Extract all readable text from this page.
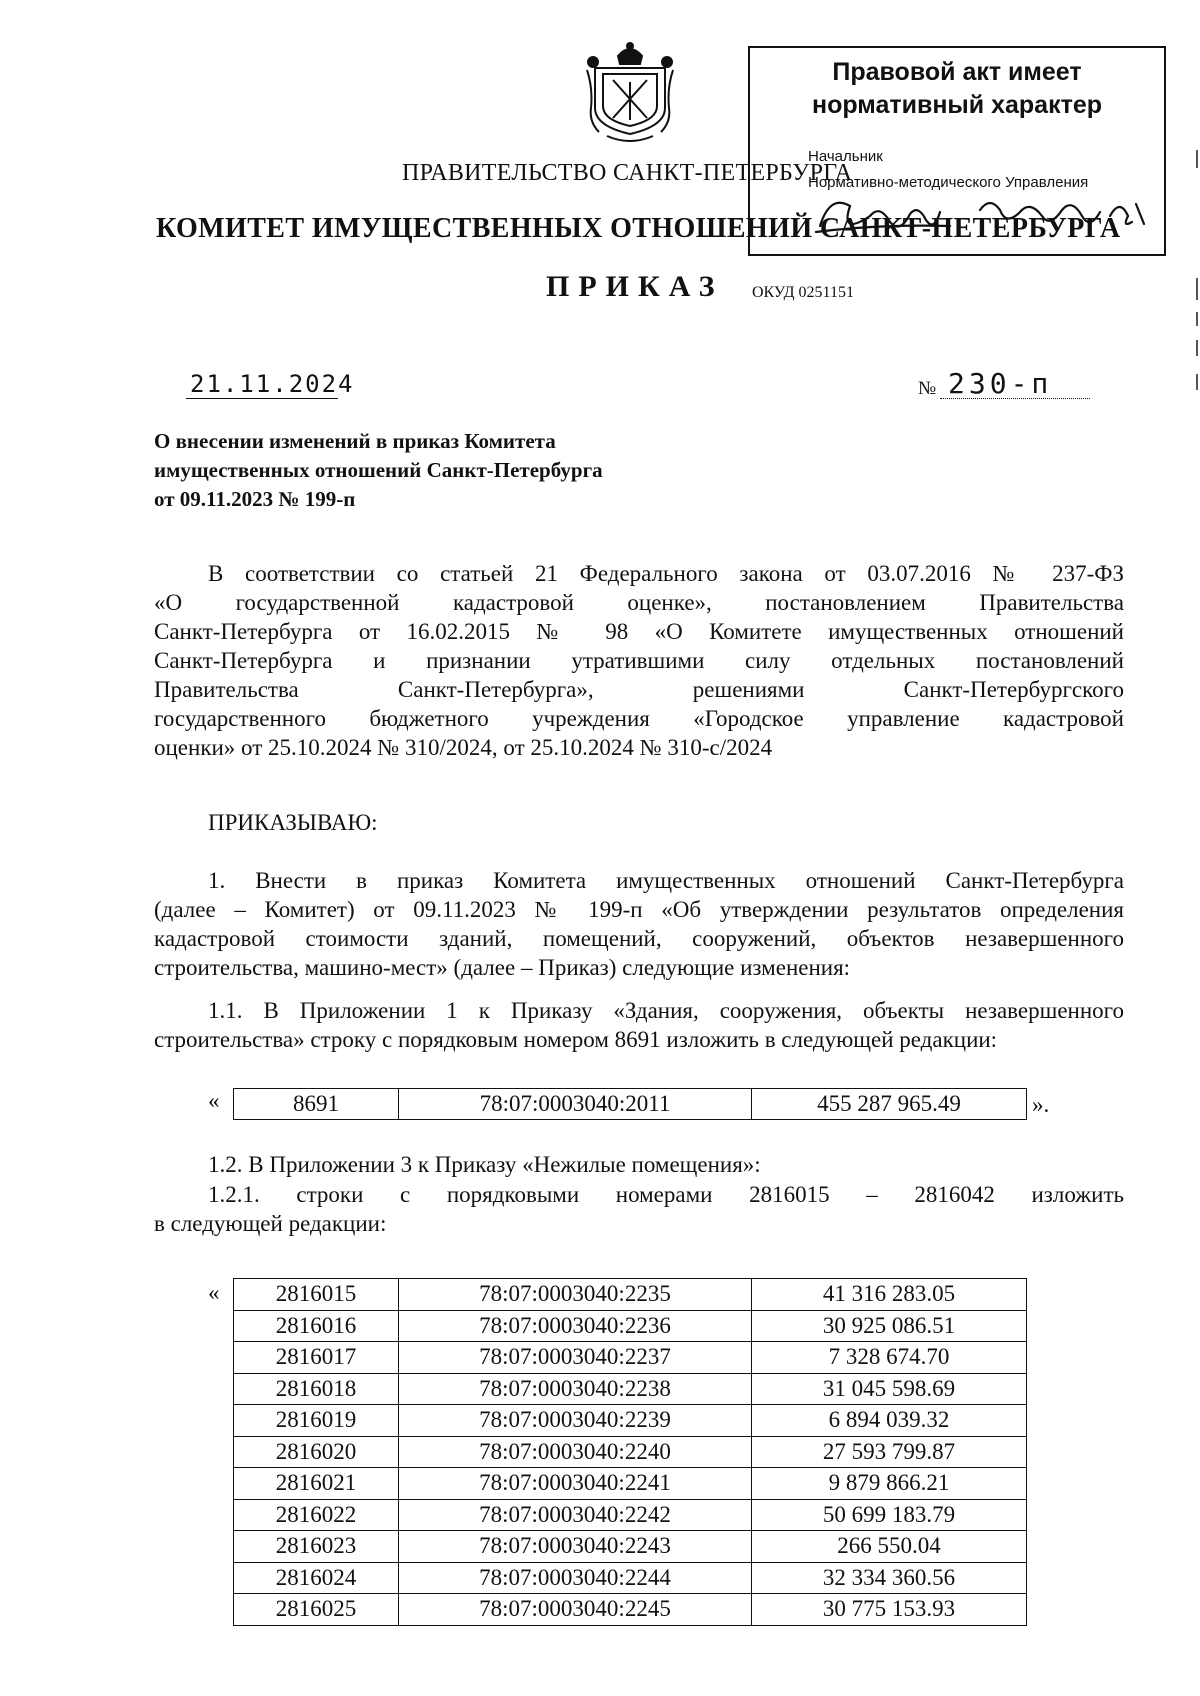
Правовой акт имеет
нормативный характер
Начальник
Нормативно-методического Управления
ПРАВИТЕЛЬСТВО САНКТ-ПЕТЕРБУРГА
КОМИТЕТ ИМУЩЕСТВЕННЫХ ОТНОШЕНИЙ САНКТ-ПЕТЕРБУРГА
ПРИКАЗ ОКУД 0251151
21.11.2024	№ 230-п
О внесении изменений в приказ Комитета
имущественных отношений Санкт-Петербурга
от 09.11.2023 № 199-п
В соответствии со статьей 21 Федерального закона от 03.07.2016 № 237-ФЗ
«О государственной кадастровой оценке», постановлением Правительства
Санкт-Петербурга от 16.02.2015 № 98 «О Комитете имущественных отношений
Санкт-Петербурга и признании утратившими силу отдельных постановлений
Правительства Санкт-Петербурга», решениями Санкт-Петербургского
государственного бюджетного учреждения «Городское управление кадастровой
оценки» от 25.10.2024 № 310/2024, от 25.10.2024 № 310-с/2024
ПРИКАЗЫВАЮ:
1. Внести в приказ Комитета имущественных отношений Санкт-Петербурга
(далее – Комитет) от 09.11.2023 № 199-п «Об утверждении результатов определения
кадастровой стоимости зданий, помещений, сооружений, объектов незавершенного
строительства, машино-мест» (далее – Приказ) следующие изменения:
1.1. В Приложении 1 к Приказу «Здания, сооружения, объекты незавершенного
строительства» строку с порядковым номером 8691 изложить в следующей редакции:
«	8691	78:07:0003040:2011	455 287 965.49	».
1.2. В Приложении 3 к Приказу «Нежилые помещения»:
1.2.1. строки с порядковыми номерами 2816015 – 2816042 изложить
в следующей редакции:
« 2816015	78:07:0003040:2235	41 316 283.05
2816016	78:07:0003040:2236	30 925 086.51
2816017	78:07:0003040:2237	7 328 674.70
2816018	78:07:0003040:2238	31 045 598.69
2816019	78:07:0003040:2239	6 894 039.32
2816020	78:07:0003040:2240	27 593 799.87
2816021	78:07:0003040:2241	9 879 866.21
2816022	78:07:0003040:2242	50 699 183.79
2816023	78:07:0003040:2243	266 550.04
2816024	78:07:0003040:2244	32 334 360.56
2816025	78:07:0003040:2245	30 775 153.93
